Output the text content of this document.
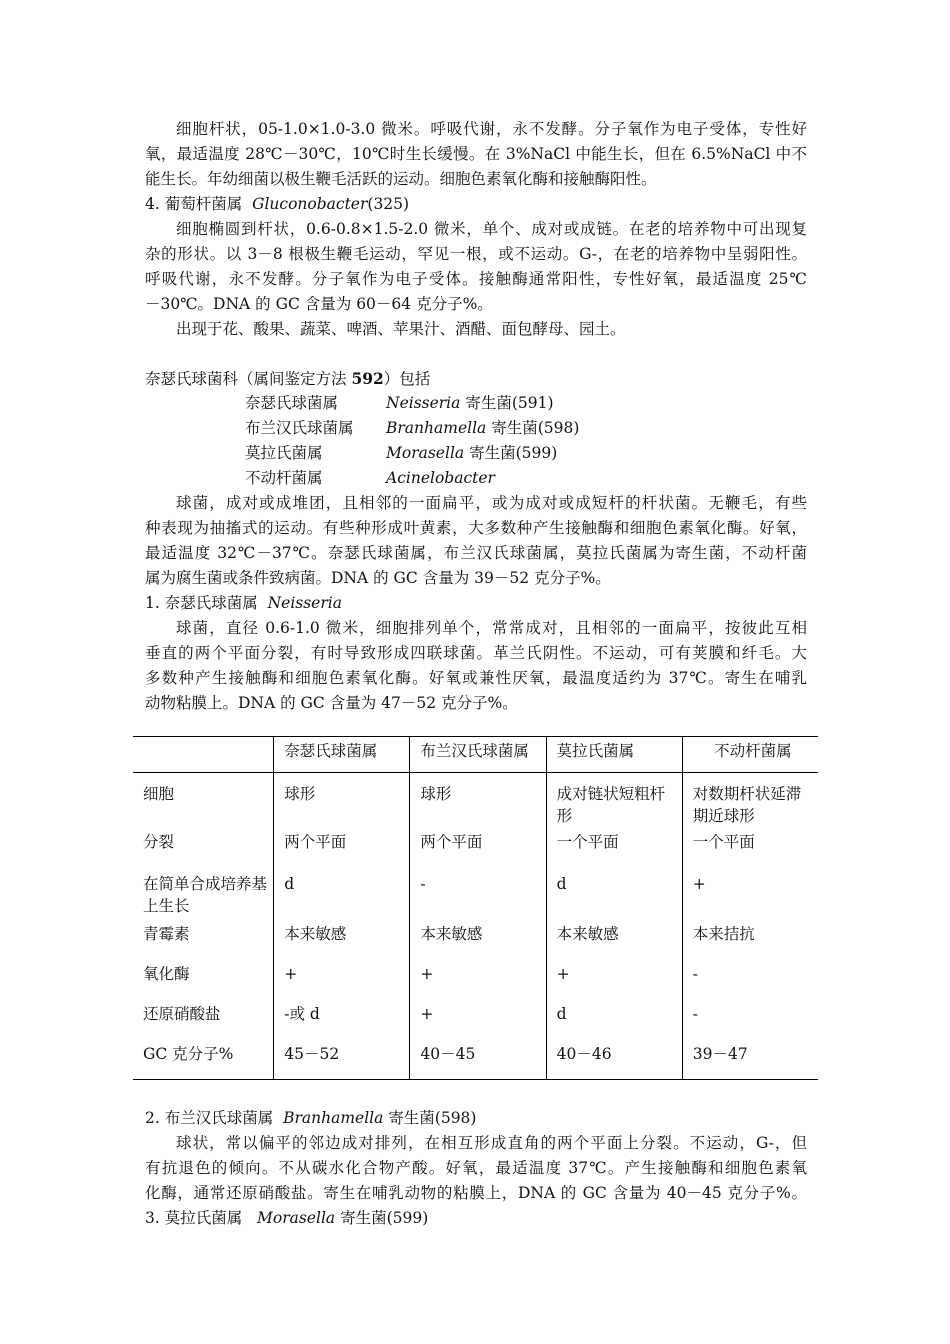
细胞杆状，05-1.0×1.0-3.0 微米。呼吸代谢，永不发酵。分子氧作为电子受体，专性好
氧，最适温度 28℃－30℃，10℃时生长缓慢。在 3%NaCl 中能生长，但在 6.5%NaCl 中不
能生长。年幼细菌以极生鞭毛活跃的运动。细胞色素氧化酶和接触酶阳性。
4. 葡萄杆菌属 Gluconobacter(325)
细胞椭圆到杆状，0.6-0.8×1.5-2.0 微米，单个、成对或成链。在老的培养物中可出现复
杂的形状。以 3－8 根极生鞭毛运动，罕见一根，或不运动。G-，在老的培养物中呈弱阳性。
呼吸代谢，永不发酵。分子氧作为电子受体。接触酶通常阳性，专性好氧，最适温度 25℃
－30℃。DNA 的 GC 含量为 60－64 克分子%。
出现于花、酸果、蔬菜、啤酒、苹果汁、酒醋、面包酵母、园土。
奈瑟氏球菌科（属间鉴定方法 592）包括
奈瑟氏球菌属	Neisseria 寄生菌(591)
布兰汉氏球菌属 Branhamella 寄生菌(598)
莫拉氏菌属	Morasella 寄生菌(599)
不动杆菌属	Acinelobacter
球菌，成对或成堆团，且相邻的一面扁平，或为成对或成短杆的杆状菌。无鞭毛，有些
种表现为抽搐式的运动。有些种形成叶黄素，大多数种产生接触酶和细胞色素氧化酶。好氧，
最适温度 32℃－37℃。奈瑟氏球菌属，布兰汉氏球菌属，莫拉氏菌属为寄生菌，不动杆菌
属为腐生菌或条件致病菌。DNA 的 GC 含量为 39－52 克分子%。
1. 奈瑟氏球菌属 Neisseria
球菌，直径 0.6-1.0 微米，细胞排列单个，常常成对，且相邻的一面扁平，按彼此互相
垂直的两个平面分裂，有时导致形成四联球菌。革兰氏阴性。不运动，可有荚膜和纤毛。大
多数种产生接触酶和细胞色素氧化酶。好氧或兼性厌氧，最温度适约为 37℃。寄生在哺乳
动物粘膜上。DNA 的 GC 含量为 47－52 克分子%。
	奈瑟氏球菌属	布兰汉氏球菌属	莫拉氏菌属	不动杆菌属
细胞	球形	球形	成对链状短粗杆形	对数期杆状延滞期近球形
分裂	两个平面	两个平面	一个平面	一个平面
在简单合成培养基上生长	d	-	d	+
青霉素	本来敏感	本来敏感	本来敏感	本来拮抗
氧化酶	+	+	+	-
还原硝酸盐	-或 d	+	d	-
GC 克分子%	45－52	40－45	40－46	39－47
2. 布兰汉氏球菌属 Branhamella 寄生菌(598)
球状，常以偏平的邻边成对排列，在相互形成直角的两个平面上分裂。不运动，G-，但
有抗退色的倾向。不从碳水化合物产酸。好氧，最适温度 37℃。产生接触酶和细胞色素氧
化酶，通常还原硝酸盐。寄生在哺乳动物的粘膜上，DNA 的 GC 含量为 40－45 克分子%。
3. 莫拉氏菌属 Morasella 寄生菌(599)
